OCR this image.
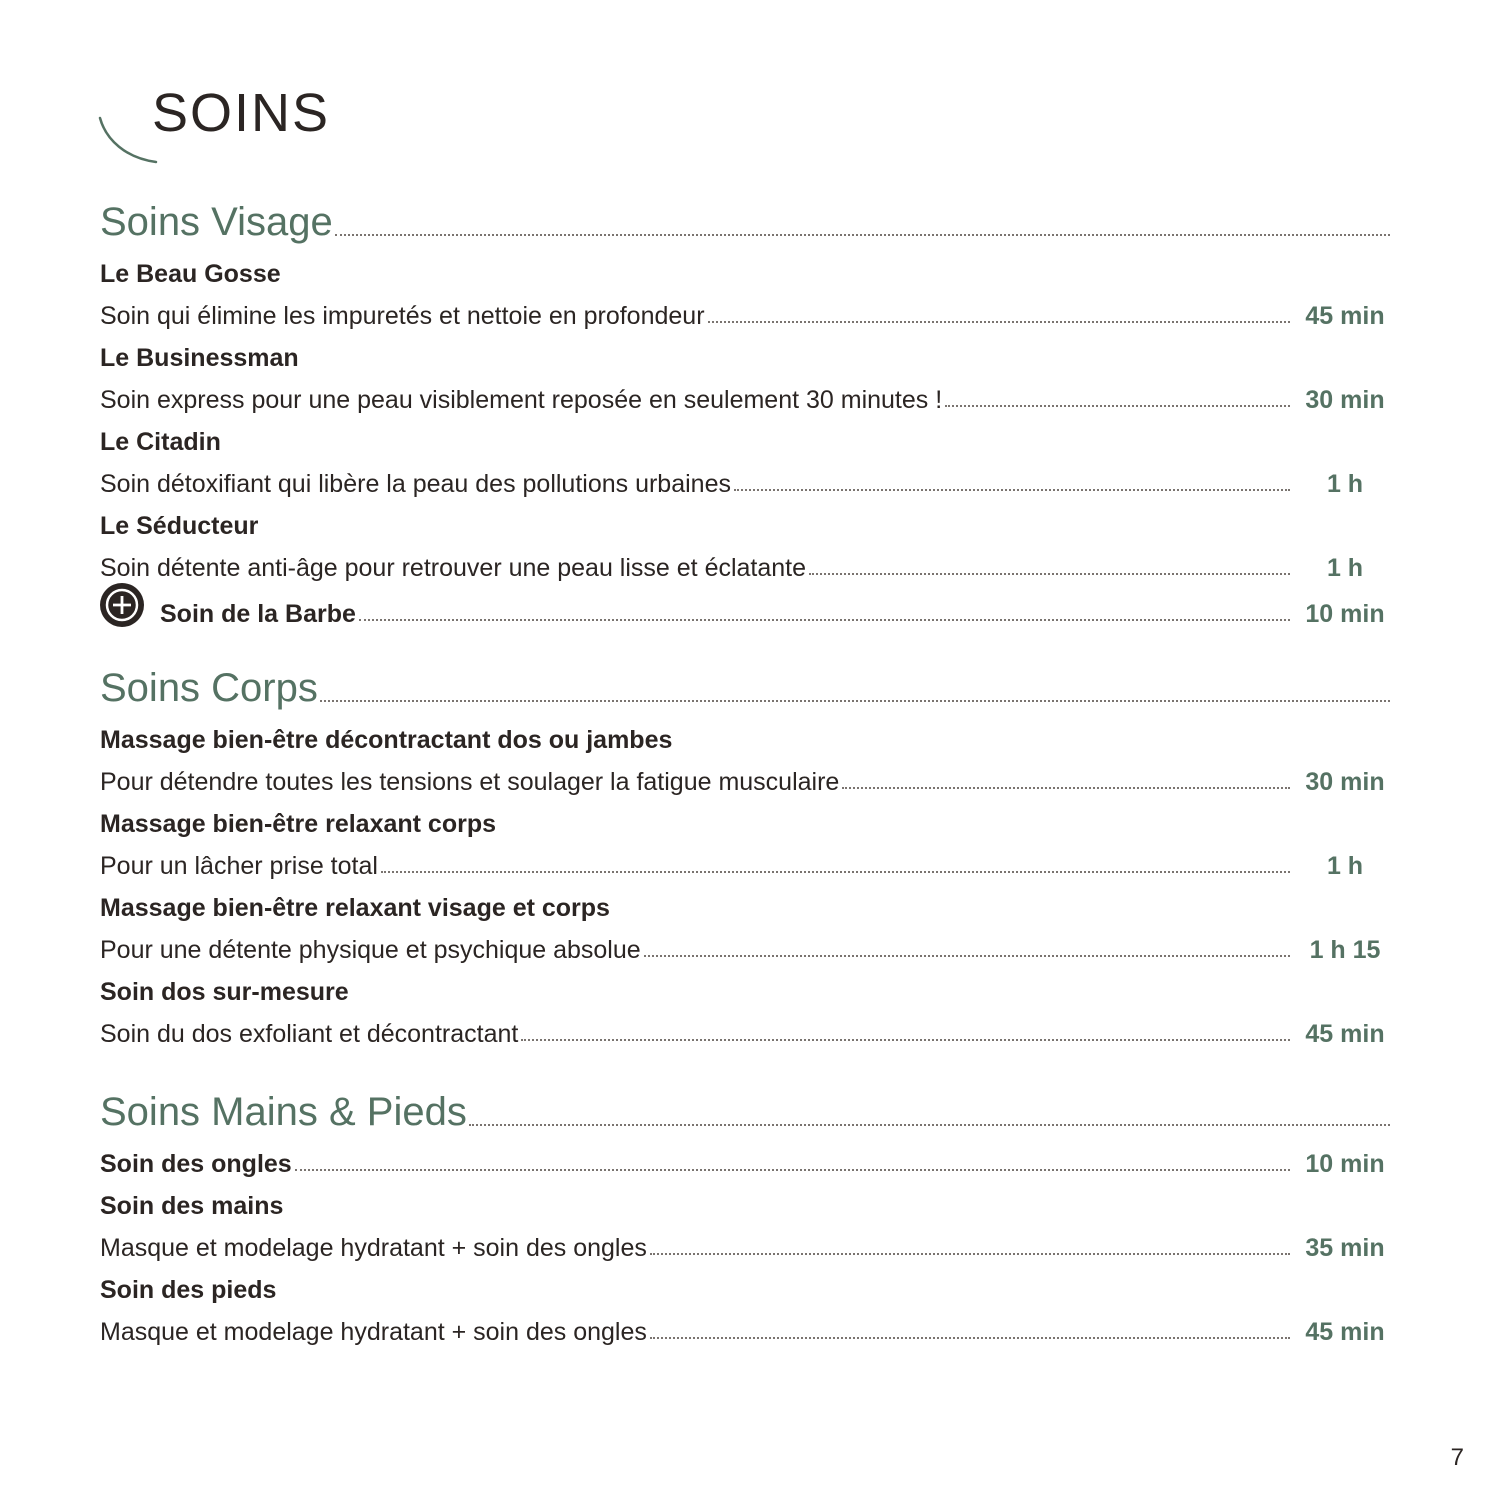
SOINS
Soins Visage
Le Beau Gosse
Soin qui élimine les impuretés et nettoie en profondeur	45 min
Le Businessman
Soin express pour une peau visiblement reposée en seulement 30 minutes !	30 min
Le Citadin
Soin détoxifiant qui libère la peau des pollutions urbaines	1 h
Le Séducteur
Soin détente anti-âge pour retrouver une peau lisse et éclatante	1 h
Soin de la Barbe	10 min
Soins Corps
Massage bien-être décontractant dos ou jambes
Pour détendre toutes les tensions et soulager la fatigue musculaire	30 min
Massage bien-être relaxant corps
Pour un lâcher prise total	1 h
Massage bien-être relaxant visage et corps
Pour une détente physique et psychique absolue	1 h 15
Soin dos sur-mesure
Soin du dos exfoliant et décontractant	45 min
Soins Mains & Pieds
Soin des ongles	10 min
Soin des mains
Masque et modelage hydratant + soin des ongles	35 min
Soin des pieds
Masque et modelage hydratant + soin des ongles	45 min
7
